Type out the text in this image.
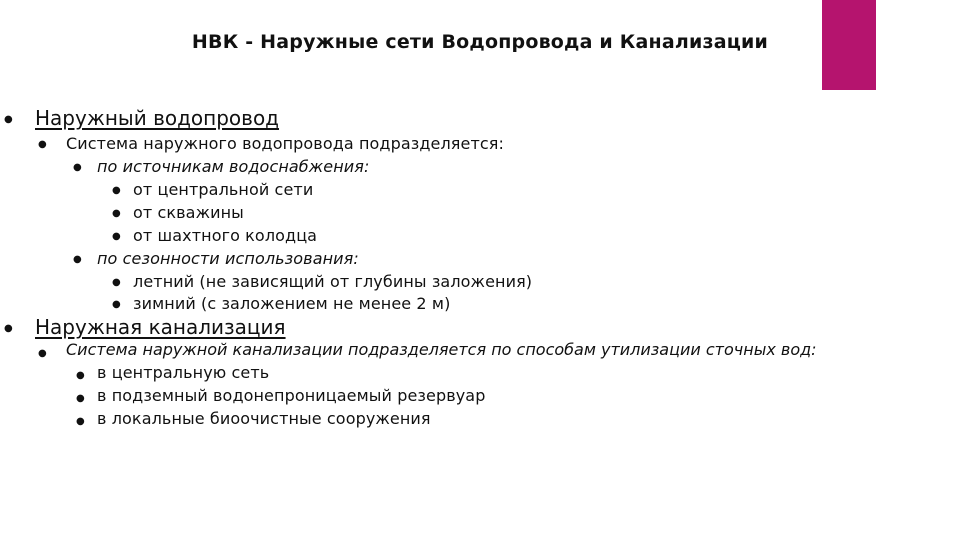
НВК - Наружные сети Водопровода и Канализации
● Наружный водопровод
● Система наружного водопровода подразделяется:
● по источникам водоснабжения:
● от центральной сети
● от скважины
● от шахтного колодца
● по сезонности использования:
● летний (не зависящий от глубины заложения)
● зимний (с заложением не менее 2 м)
● Наружная канализация
● Система наружной канализации подразделяется по способам утилизации сточных вод:
● в центральную сеть
● в подземный водонепроницаемый резервуар
● в локальные биоочистные сооружения
